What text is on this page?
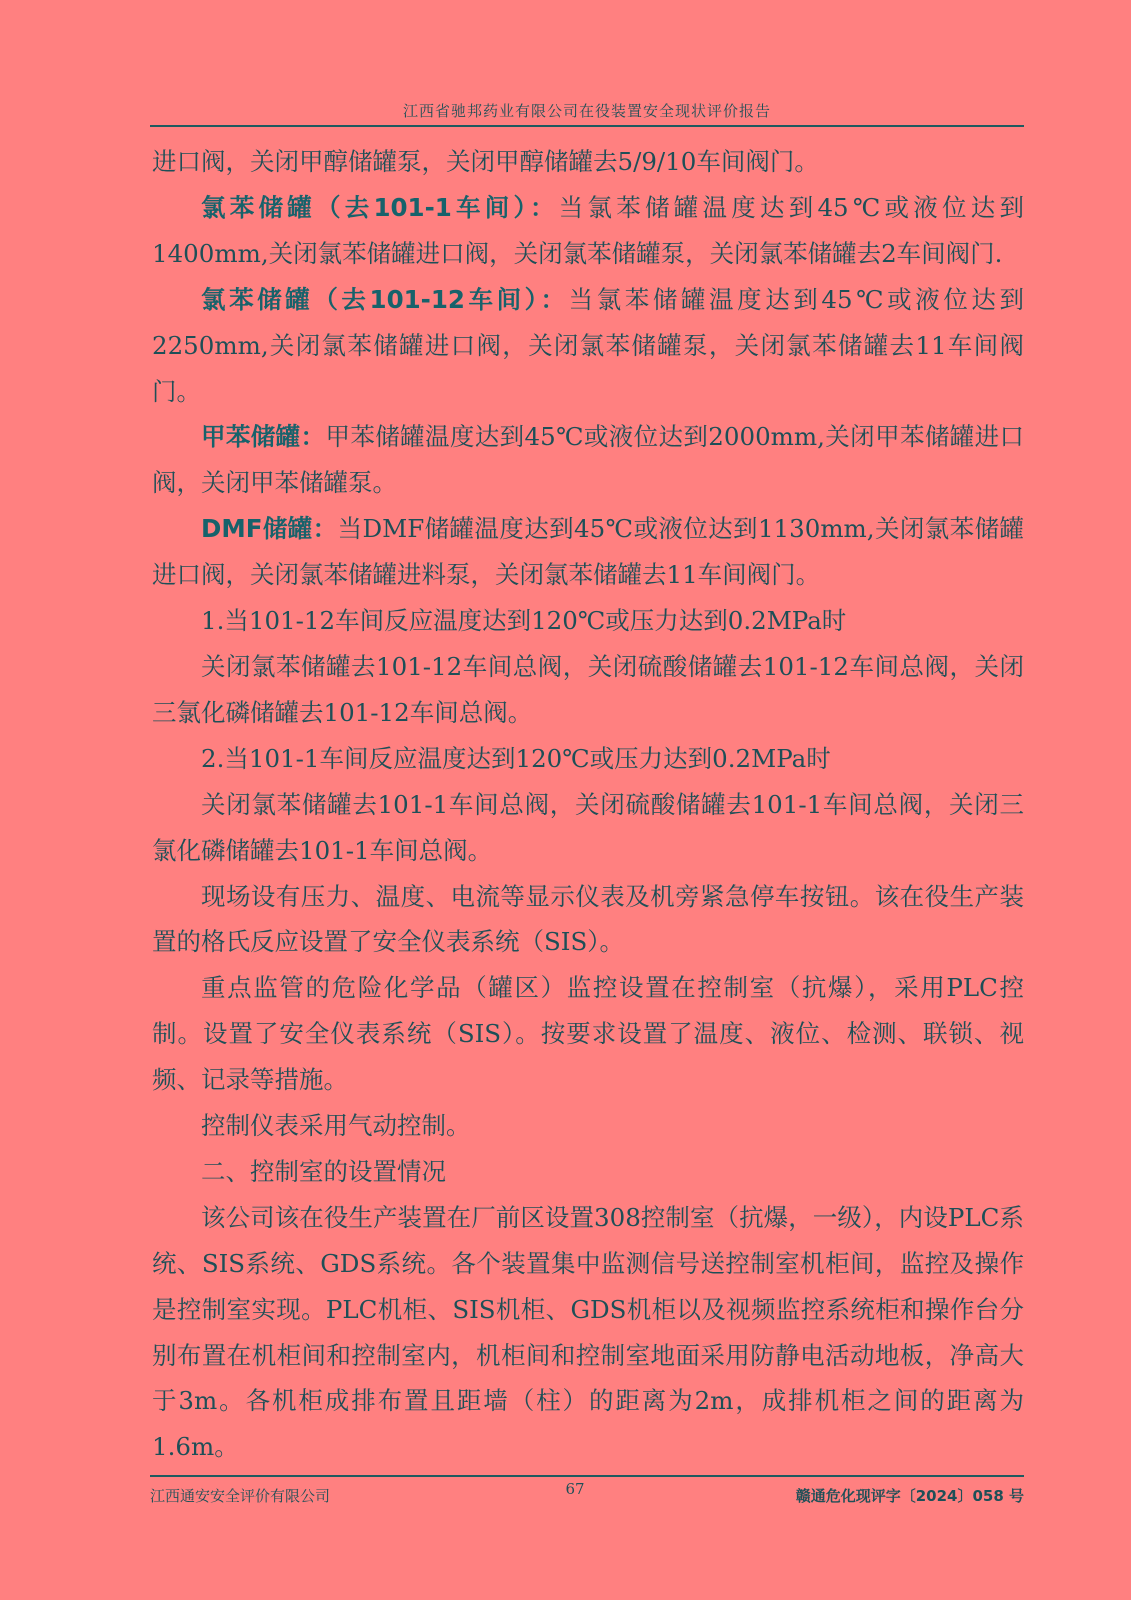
江西省驰邦药业有限公司在役装置安全现状评价报告

进口阀，关闭甲醇储罐泵，关闭甲醇储罐去5/9/10车间阀门。

氯苯储罐（去101-1车间）：当氯苯储罐温度达到45℃或液位达到1400mm,关闭氯苯储罐进口阀，关闭氯苯储罐泵，关闭氯苯储罐去2车间阀门.

氯苯储罐（去101-12车间）：当氯苯储罐温度达到45℃或液位达到2250mm,关闭氯苯储罐进口阀，关闭氯苯储罐泵，关闭氯苯储罐去11车间阀门。

甲苯储罐：甲苯储罐温度达到45℃或液位达到2000mm,关闭甲苯储罐进口阀，关闭甲苯储罐泵。

DMF储罐：当DMF储罐温度达到45℃或液位达到1130mm,关闭氯苯储罐进口阀，关闭氯苯储罐进料泵，关闭氯苯储罐去11车间阀门。

1.当101-12车间反应温度达到120℃或压力达到0.2MPa时

关闭氯苯储罐去101-12车间总阀，关闭硫酸储罐去101-12车间总阀，关闭三氯化磷储罐去101-12车间总阀。

2.当101-1车间反应温度达到120℃或压力达到0.2MPa时

关闭氯苯储罐去101-1车间总阀，关闭硫酸储罐去101-1车间总阀，关闭三氯化磷储罐去101-1车间总阀。

现场设有压力、温度、电流等显示仪表及机旁紧急停车按钮。该在役生产装置的格氏反应设置了安全仪表系统（SIS）。

重点监管的危险化学品（罐区）监控设置在控制室（抗爆），采用PLC控制。设置了安全仪表系统（SIS）。按要求设置了温度、液位、检测、联锁、视频、记录等措施。

控制仪表采用气动控制。

二、控制室的设置情况

该公司该在役生产装置在厂前区设置308控制室（抗爆，一级），内设PLC系统、SIS系统、GDS系统。各个装置集中监测信号送控制室机柜间，监控及操作是控制室实现。PLC机柜、SIS机柜、GDS机柜以及视频监控系统柜和操作台分别布置在机柜间和控制室内，机柜间和控制室地面采用防静电活动地板，净高大于3m。各机柜成排布置且距墙（柱）的距离为2m，成排机柜之间的距离为1.6m。

江西通安安全评价有限公司	67	赣通危化现评字〔2024〕058 号
